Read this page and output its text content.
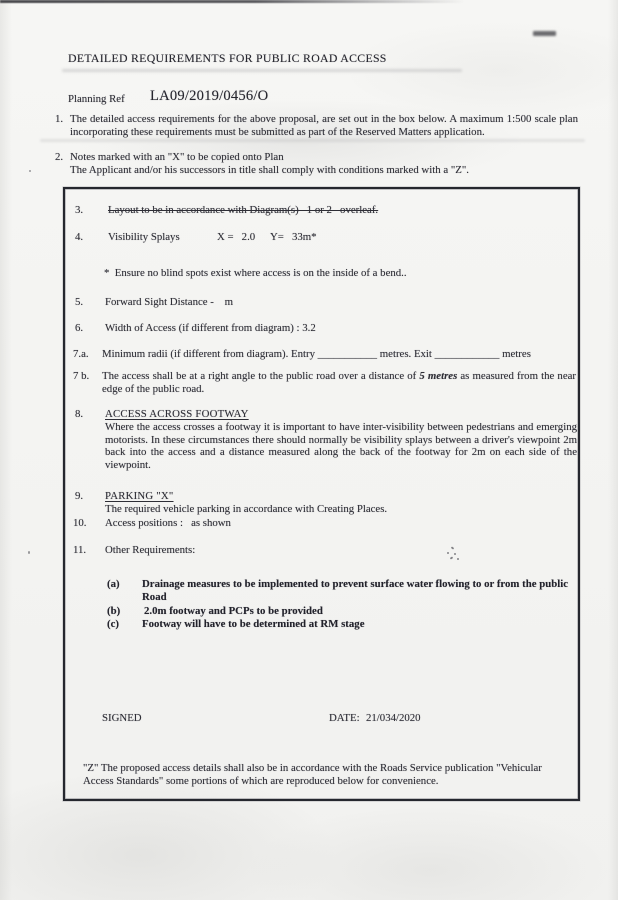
DETAILED REQUIREMENTS FOR PUBLIC ROAD ACCESS
Planning Ref LA09/2019/0456/O
1. The detailed access requirements for the above proposal, are set out in the box below. A maximum 1:500 scale plan incorporating these requirements must be submitted as part of the Reserved Matters application.
2. Notes marked with an "X" to be copied onto Plan
The Applicant and/or his successors in title shall comply with conditions marked with a "Z".
3. Layout to be in accordance with Diagram(s)   1 or 2   overleaf.
4. Visibility Splays	X =   2.0 Y=   33m*
*  Ensure no blind spots exist where access is on the inside of a bend..
5. Forward Sight Distance -    m
6. Width of Access (if different from diagram) : 3.2
7.a. Minimum radii (if different from diagram). Entry ___________ metres. Exit ____________ metres
7 b. The access shall be at a right angle to the public road over a distance of 5 metres as measured from the near edge of the public road.

8. ACCESS ACROSS FOOTWAY
Where the access crosses a footway it is important to have inter-visibility between pedestrians and emerging motorists. In these circumstances there should normally be visibility splays between a driver's viewpoint 2m back into the access and a distance measured along the back of the footway for 2m on each side of the viewpoint.
9. PARKING "X"
The required vehicle parking in accordance with Creating Places.
10. Access positions :   as shown
11. Other Requirements:
(a) Drainage measures to be implemented to prevent surface water flowing to or from the public Road
(b) 2.0m footway and PCPs to be provided
(c) Footway will have to be determined at RM stage
SIGNED	DATE: 21/034/2020
"Z" The proposed access details shall also be in accordance with the Roads Service publication "Vehicular Access Standards" some portions of which are reproduced below for convenience.
